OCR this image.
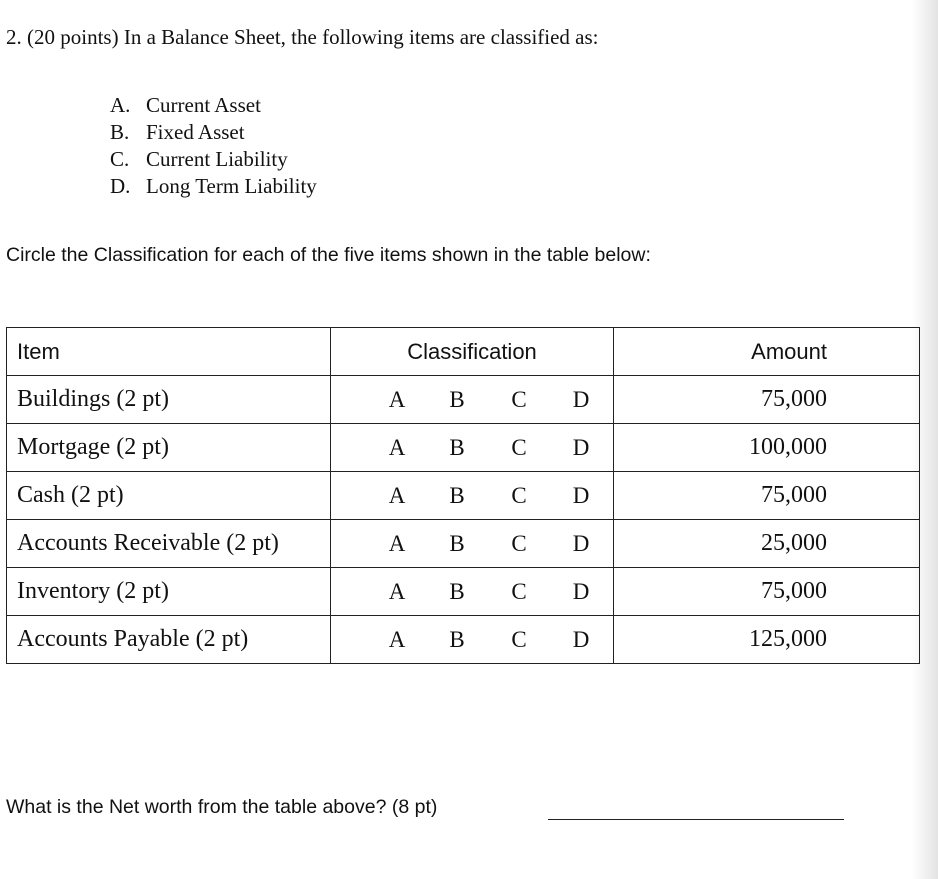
2. (20 points) In a Balance Sheet, the following items are classified as:
A. Current Asset
B. Fixed Asset
C. Current Liability
D. Long Term Liability
Circle the Classification for each of the five items shown in the table below:
Item	Classification	Amount
Buildings (2 pt)	A B C D	75,000
Mortgage (2 pt)	A B C D	100,000
Cash (2 pt)	A B C D	75,000
Accounts Receivable (2 pt)	A B C D	25,000
Inventory (2 pt)	A B C D	75,000
Accounts Payable (2 pt)	A B C D	125,000
What is the Net worth from the table above? (8 pt)
